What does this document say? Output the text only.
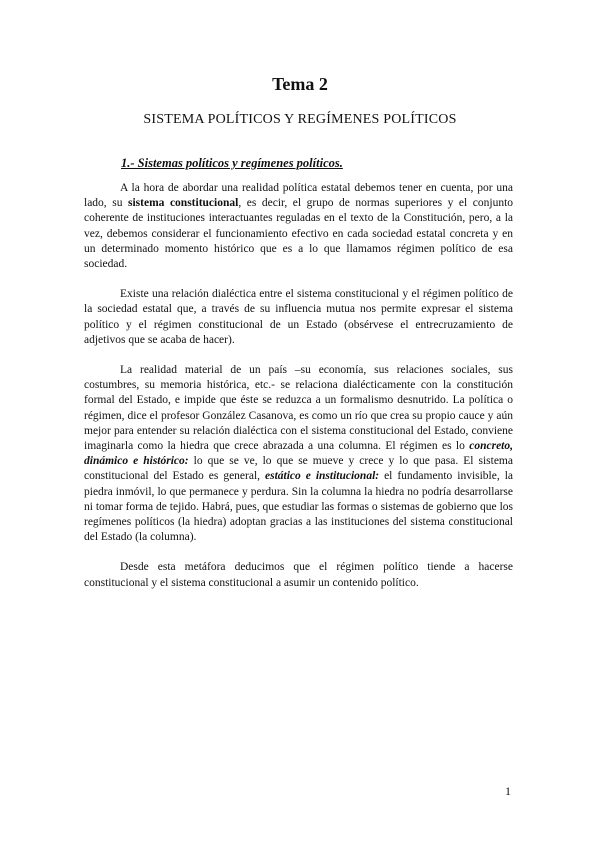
Tema 2
SISTEMA POLÍTICOS Y REGÍMENES POLÍTICOS
1.- Sistemas políticos y regímenes políticos.

A la hora de abordar una realidad política estatal debemos tener en cuenta, por una lado, su sistema constitucional, es decir, el grupo de normas superiores y el conjunto coherente de instituciones interactuantes reguladas en el texto de la Constitución, pero, a la vez, debemos considerar el funcionamiento efectivo en cada sociedad estatal concreta y en un determinado momento histórico que es a lo que llamamos régimen político de esa sociedad.

Existe una relación dialéctica entre el sistema constitucional y el régimen político de la sociedad estatal que, a través de su influencia mutua nos permite expresar el sistema político y el régimen constitucional de un Estado (obsérvese el entrecruzamiento de adjetivos que se acaba de hacer).

La realidad material de un país –su economía, sus relaciones sociales, sus costumbres, su memoria histórica, etc.- se relaciona dialécticamente con la constitución formal del Estado, e impide que éste se reduzca a un formalismo desnutrido. La política o régimen, dice el profesor González Casanova, es como un río que crea su propio cauce y aún mejor para entender su relación dialéctica con el sistema constitucional del Estado, conviene imaginarla como la hiedra que crece abrazada a una columna. El régimen es lo concreto, dinámico e histórico: lo que se ve, lo que se mueve y crece y lo que pasa. El sistema constitucional del Estado es general, estático e institucional: el fundamento invisible, la piedra inmóvil, lo que permanece y perdura. Sin la columna la hiedra no podría desarrollarse ni tomar forma de tejido. Habrá, pues, que estudiar las formas o sistemas de gobierno que los regímenes políticos (la hiedra) adoptan gracias a las instituciones del sistema constitucional del Estado (la columna).

Desde esta metáfora deducimos que el régimen político tiende a hacerse constitucional y el sistema constitucional a asumir un contenido político.

1
